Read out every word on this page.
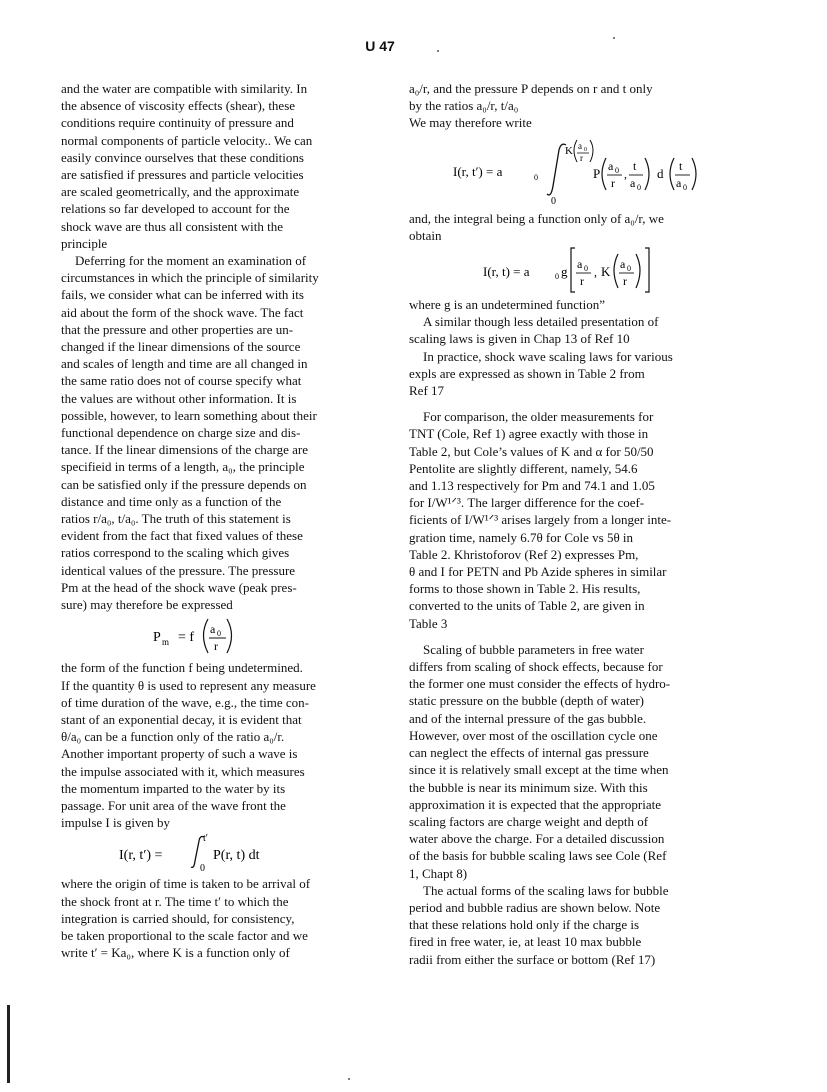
U 47
and the water are compatible with similarity. In
the absence of viscosity effects (shear), these
conditions require continuity of pressure and
normal components of particle velocity.. We can
easily convince ourselves that these conditions
are satisfied if pressures and particle velocities
are scaled geometrically, and the approximate
relations so far developed to account for the
shock wave are thus all consistent with the
principle
Deferring for the moment an examination of
circumstances in which the principle of similarity
fails, we consider what can be inferred with its
aid about the form of the shock wave. The fact
that the pressure and other properties are un-
changed if the linear dimensions of the source
and scales of length and time are all changed in
the same ratio does not of course specify what
the values are without other information. It is
possible, however, to learn something about their
functional dependence on charge size and dis-
tance. If the linear dimensions of the charge are
specifieid in terms of a length, a₀, the principle
can be satisfied only if the pressure depends on
distance and time only as a function of the
ratios r/a₀, t/a₀. The truth of this statement is
evident from the fact that fixed values of these
ratios correspond to the scaling which gives
identical values of the pressure. The pressure
Pm at the head of the shock wave (peak pres-
sure) may therefore be expressed
P m = f
a 0
r
the form of the function f being undetermined.
If the quantity θ is used to represent any measure
of time duration of the wave, e.g., the time con-
stant of an exponential decay, it is evident that
θ/a₀ can be a function only of the ratio a₀/r.
Another important property of such a wave is
the impulse associated with it, which measures
the momentum imparted to the water by its
passage. For unit area of the wave front the
impulse I is given by
I(r, t′) =
t′
0
P(r, t) dt
where the origin of time is taken to be arrival of
the shock front at r. The time t′ to which the
integration is carried should, for consistency,
be taken proportional to the scale factor and we
write t′ = Ka₀, where K is a function only of
a₀/r, and the pressure P depends on r and t only
by the ratios a₀/r, t/a₀
We may therefore write
I(r, t′) = a	0
K a 0
r
0
P a 0
r
,
t
a 0
d t
a 0
and, the integral being a function only of a₀/r, we
obtain
I(r, t) = a	0 g a 0
r
, K a 0
r
where g is an undetermined function”
A similar though less detailed presentation of
scaling laws is given in Chap 13 of Ref 10
In practice, shock wave scaling laws for various
expls are expressed as shown in Table 2 from
Ref 17
For comparison, the older measurements for
TNT (Cole, Ref 1) agree exactly with those in
Table 2, but Cole’s values of K and α for 50/50
Pentolite are slightly different, namely, 54.6
and 1.13 respectively for Pm and 74.1 and 1.05
for I/W¹ᐟ³. The larger difference for the coef-
ficients of I/W¹ᐟ³ arises largely from a longer inte-
gration time, namely 6.7θ for Cole vs 5θ in
Table 2. Khristoforov (Ref 2) expresses Pm,
θ and I for PETN and Pb Azide spheres in similar
forms to those shown in Table 2. His results,
converted to the units of Table 2, are given in
Table 3
Scaling of bubble parameters in free water
differs from scaling of shock effects, because for
the former one must consider the effects of hydro-
static pressure on the bubble (depth of water)
and of the internal pressure of the gas bubble.
However, over most of the oscillation cycle one
can neglect the effects of internal gas pressure
since it is relatively small except at the time when
the bubble is near its minimum size. With this
approximation it is expected that the appropriate
scaling factors are charge weight and depth of
water above the charge. For a detailed discussion
of the basis for bubble scaling laws see Cole (Ref
1, Chapt 8)
The actual forms of the scaling laws for bubble
period and bubble radius are shown below. Note
that these relations hold only if the charge is
fired in free water, ie, at least 10 max bubble
radii from either the surface or bottom (Ref 17)
